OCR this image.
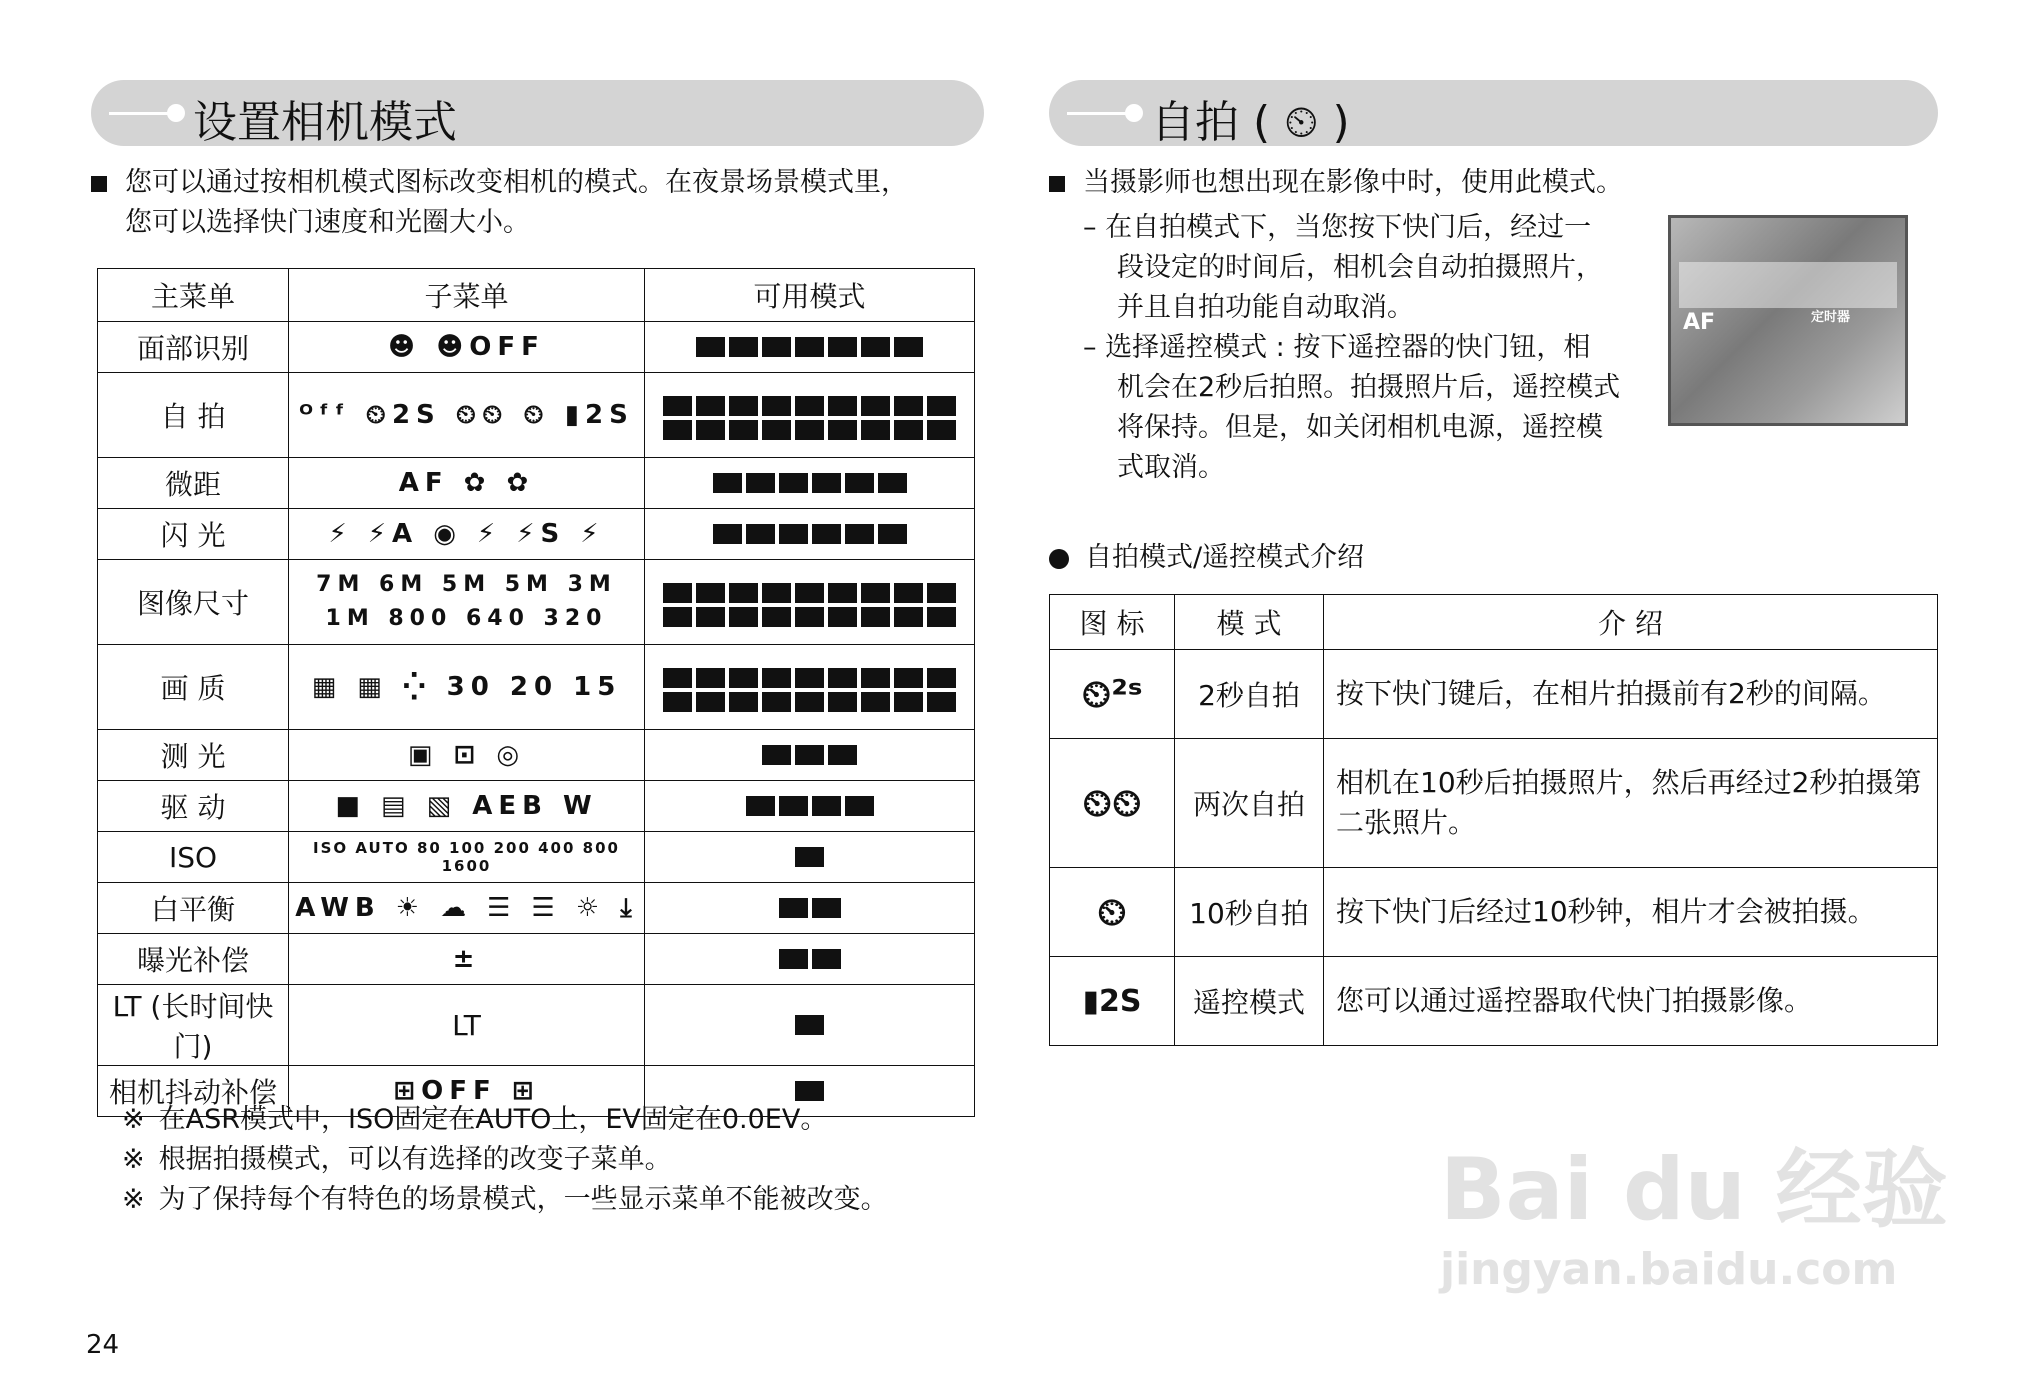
设置相机模式
您可以通过按相机模式图标改变相机的模式。在夜景场景模式里，
您可以选择快门速度和光圈大小。
主菜单	子菜单	可用模式
面部识别	☻ ☻OFF	

自 拍	ᴼᶠᶠ ⏲2S ⏲⏲ ⏲ ▮2S	

微距	AF ✿ ✿	

闪 光	⚡ ⚡A ◉ ⚡ ⚡S ⚡	

图像尺寸	7M 6M 5M 5M 3M 1M 800 640 320	

画 质	▦ ▦ ⁛ 30 20 15	

测 光	▣ ⊡ ◎	

驱 动	■ ▤ ▧ AEB W	

ISO	ISO AUTO 80 100 200 400 800 1600	

白平衡	AWB ☀ ☁ ☰ ☰ ☼ ⤓	

曝光补偿	±	

LT (长时间快门)	LT	

相机抖动补偿	⊞OFF ⊞	
※ 在ASR模式中，ISO固定在AUTO上，EV固定在0.0EV。
※ 根据拍摄模式，可以有选择的改变子菜单。
※ 为了保持每个有特色的场景模式，一些显示菜单不能被改变。
自拍 ( ⏲ )
当摄影师也想出现在影像中时，使用此模式。
– 在自拍模式下，当您按下快门后，经过一
段设定的时间后，相机会自动拍摄照片，
并且自拍功能自动取消。
– 选择遥控模式 : 按下遥控器的快门钮，相
机会在2秒后拍照。拍摄照片后，遥控模式
将保持。但是，如关闭相机电源，遥控模
式取消。
AF	定时器
自拍模式/遥控模式介绍
图 标	模 式	介 绍
⏲²ˢ	2秒自拍	按下快门键后，在相片拍摄前有2秒的间隔。
⏲⏲	两次自拍	相机在10秒后拍摄照片，然后再经过2秒拍摄第二张照片。
⏲	10秒自拍	按下快门后经过10秒钟，相片才会被拍摄。
▮2S	遥控模式	您可以通过遥控器取代快门拍摄影像。
24
Bai du 经验
jingyan.baidu.com
